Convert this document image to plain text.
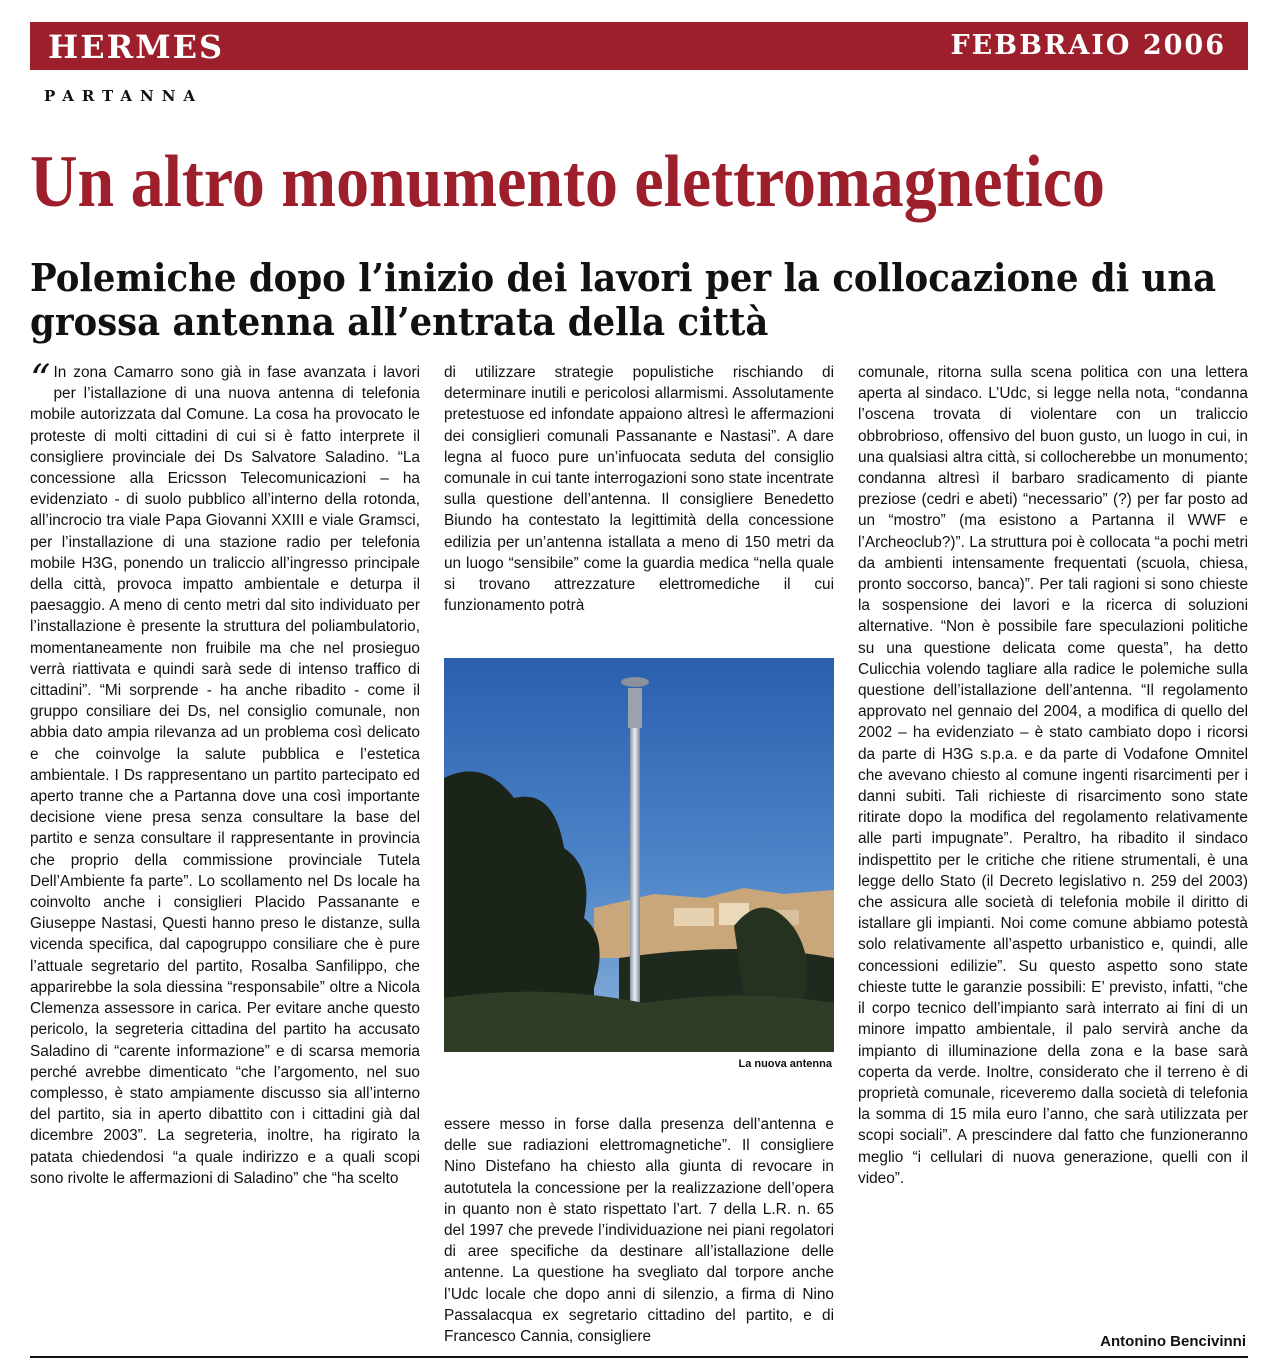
HERMES	FEBBRAIO 2006
PARTANNA
Un altro monumento elettromagnetico
Polemiche dopo l’inizio dei lavori per la collocazione di una grossa antenna all’entrata della città
“ In zona Camarro sono già in fase avanzata i lavori per l’istallazione di una nuova antenna di telefonia mobile autorizzata dal Comune. La cosa ha provocato le proteste di molti cittadini di cui si è fatto interprete il consigliere provinciale dei Ds Salvatore Saladino. “La concessione alla Ericsson Telecomunicazioni – ha evidenziato - di suolo pubblico all’interno della rotonda, all’incrocio tra viale Papa Giovanni XXIII e viale Gramsci, per l’installazione di una stazione radio per telefonia mobile H3G, ponendo un traliccio all’ingresso principale della città, provoca impatto ambientale e deturpa il paesaggio. A meno di cento metri dal sito individuato per l’installazione è presente la struttura del poliambulatorio, momentaneamente non fruibile ma che nel prosieguo verrà riattivata e quindi sarà sede di intenso traffico di cittadini”. “Mi sorprende - ha anche ribadito - come il gruppo consiliare dei Ds, nel consiglio comunale, non abbia dato ampia rilevanza ad un problema così delicato e che coinvolge la salute pubblica e l’estetica ambientale. I Ds rappresentano un partito partecipato ed aperto tranne che a Partanna dove una così importante decisione viene presa senza consultare la base del partito e senza consultare il rappresentante in provincia che proprio della commissione provinciale Tutela Dell’Ambiente fa parte”. Lo scollamento nel Ds locale ha coinvolto anche i consiglieri Placido Passanante e Giuseppe Nastasi, Questi hanno preso le distanze, sulla vicenda specifica, dal capogruppo consiliare che è pure l’attuale segretario del partito, Rosalba Sanfilippo, che apparirebbe la sola diessina “responsabile” oltre a Nicola Clemenza assessore in carica. Per evitare anche questo pericolo, la segreteria cittadina del partito ha accusato Saladino di “carente informazione” e di scarsa memoria perché avrebbe dimenticato “che l’argomento, nel suo complesso, è stato ampiamente discusso sia all’interno del partito, sia in aperto dibattito con i cittadini già dal dicembre 2003”. La segreteria, inoltre, ha rigirato la patata chiedendosi “a quale indirizzo e a quali scopi sono rivolte le affermazioni di Saladino” che “ha scelto

di utilizzare strategie populistiche rischiando di determinare inutili e pericolosi allarmismi. Assolutamente pretestuose ed infondate appaiono altresì le affermazioni dei consiglieri comunali Passanante e Nastasi”. A dare legna al fuoco pure un’infuocata seduta del consiglio comunale in cui tante interrogazioni sono state incentrate sulla questione dell’antenna. Il consigliere Benedetto Biundo ha contestato la legittimità della concessione edilizia per un’antenna istallata a meno di 150 metri da un luogo “sensibile” come la guardia medica “nella quale si trovano attrezzature elettromediche il cui funzionamento potrà

La nuova antenna

essere messo in forse dalla presenza dell’antenna e delle sue radiazioni elettromagnetiche”. Il consigliere Nino Distefano ha chiesto alla giunta di revocare in autotutela la concessione per la realizzazione dell’opera in quanto non è stato rispettato l’art. 7 della L.R. n. 65 del 1997 che prevede l’individuazione nei piani regolatori di aree specifiche da destinare all’istallazione delle antenne. La questione ha svegliato dal torpore anche l’Udc locale che dopo anni di silenzio, a firma di Nino Passalacqua ex segretario cittadino del partito, e di Francesco Cannia, consigliere

comunale, ritorna sulla scena politica con una lettera aperta al sindaco. L’Udc, si legge nella nota, “condanna l’oscena trovata di violentare con un traliccio obbrobrioso, offensivo del buon gusto, un luogo in cui, in una qualsiasi altra città, si collocherebbe un monumento; condanna altresì il barbaro sradicamento di piante preziose (cedri e abeti) “necessario” (?) per far posto ad un “mostro” (ma esistono a Partanna il WWF e l’Archeoclub?)”. La struttura poi è collocata “a pochi metri da ambienti intensamente frequentati (scuola, chiesa, pronto soccorso, banca)”. Per tali ragioni si sono chieste la sospensione dei lavori e la ricerca di soluzioni alternative. “Non è possibile fare speculazioni politiche su una questione delicata come questa”, ha detto Culicchia volendo tagliare alla radice le polemiche sulla questione dell’istallazione dell’antenna. “Il regolamento approvato nel gennaio del 2004, a modifica di quello del 2002 – ha evidenziato – è stato cambiato dopo i ricorsi da parte di H3G s.p.a. e da parte di Vodafone Omnitel che avevano chiesto al comune ingenti risarcimenti per i danni subiti. Tali richieste di risarcimento sono state ritirate dopo la modifica del regolamento relativamente alle parti impugnate”. Peraltro, ha ribadito il sindaco indispettito per le critiche che ritiene strumentali, è una legge dello Stato (il Decreto legislativo n. 259 del 2003) che assicura alle società di telefonia mobile il diritto di istallare gli impianti. Noi come comune abbiamo potestà solo relativamente all’aspetto urbanistico e, quindi, alle concessioni edilizie”. Su questo aspetto sono state chieste tutte le garanzie possibili: E’ previsto, infatti, “che il corpo tecnico dell’impianto sarà interrato ai fini di un minore impatto ambientale, il palo servirà anche da impianto di illuminazione della zona e la base sarà coperta da verde. Inoltre, considerato che il terreno è di proprietà comunale, riceveremo dalla società di telefonia la somma di 15 mila euro l’anno, che sarà utilizzata per scopi sociali”. A prescindere dal fatto che funzioneranno meglio “i cellulari di nuova generazione, quelli con il video”.

Antonino Bencivinni
